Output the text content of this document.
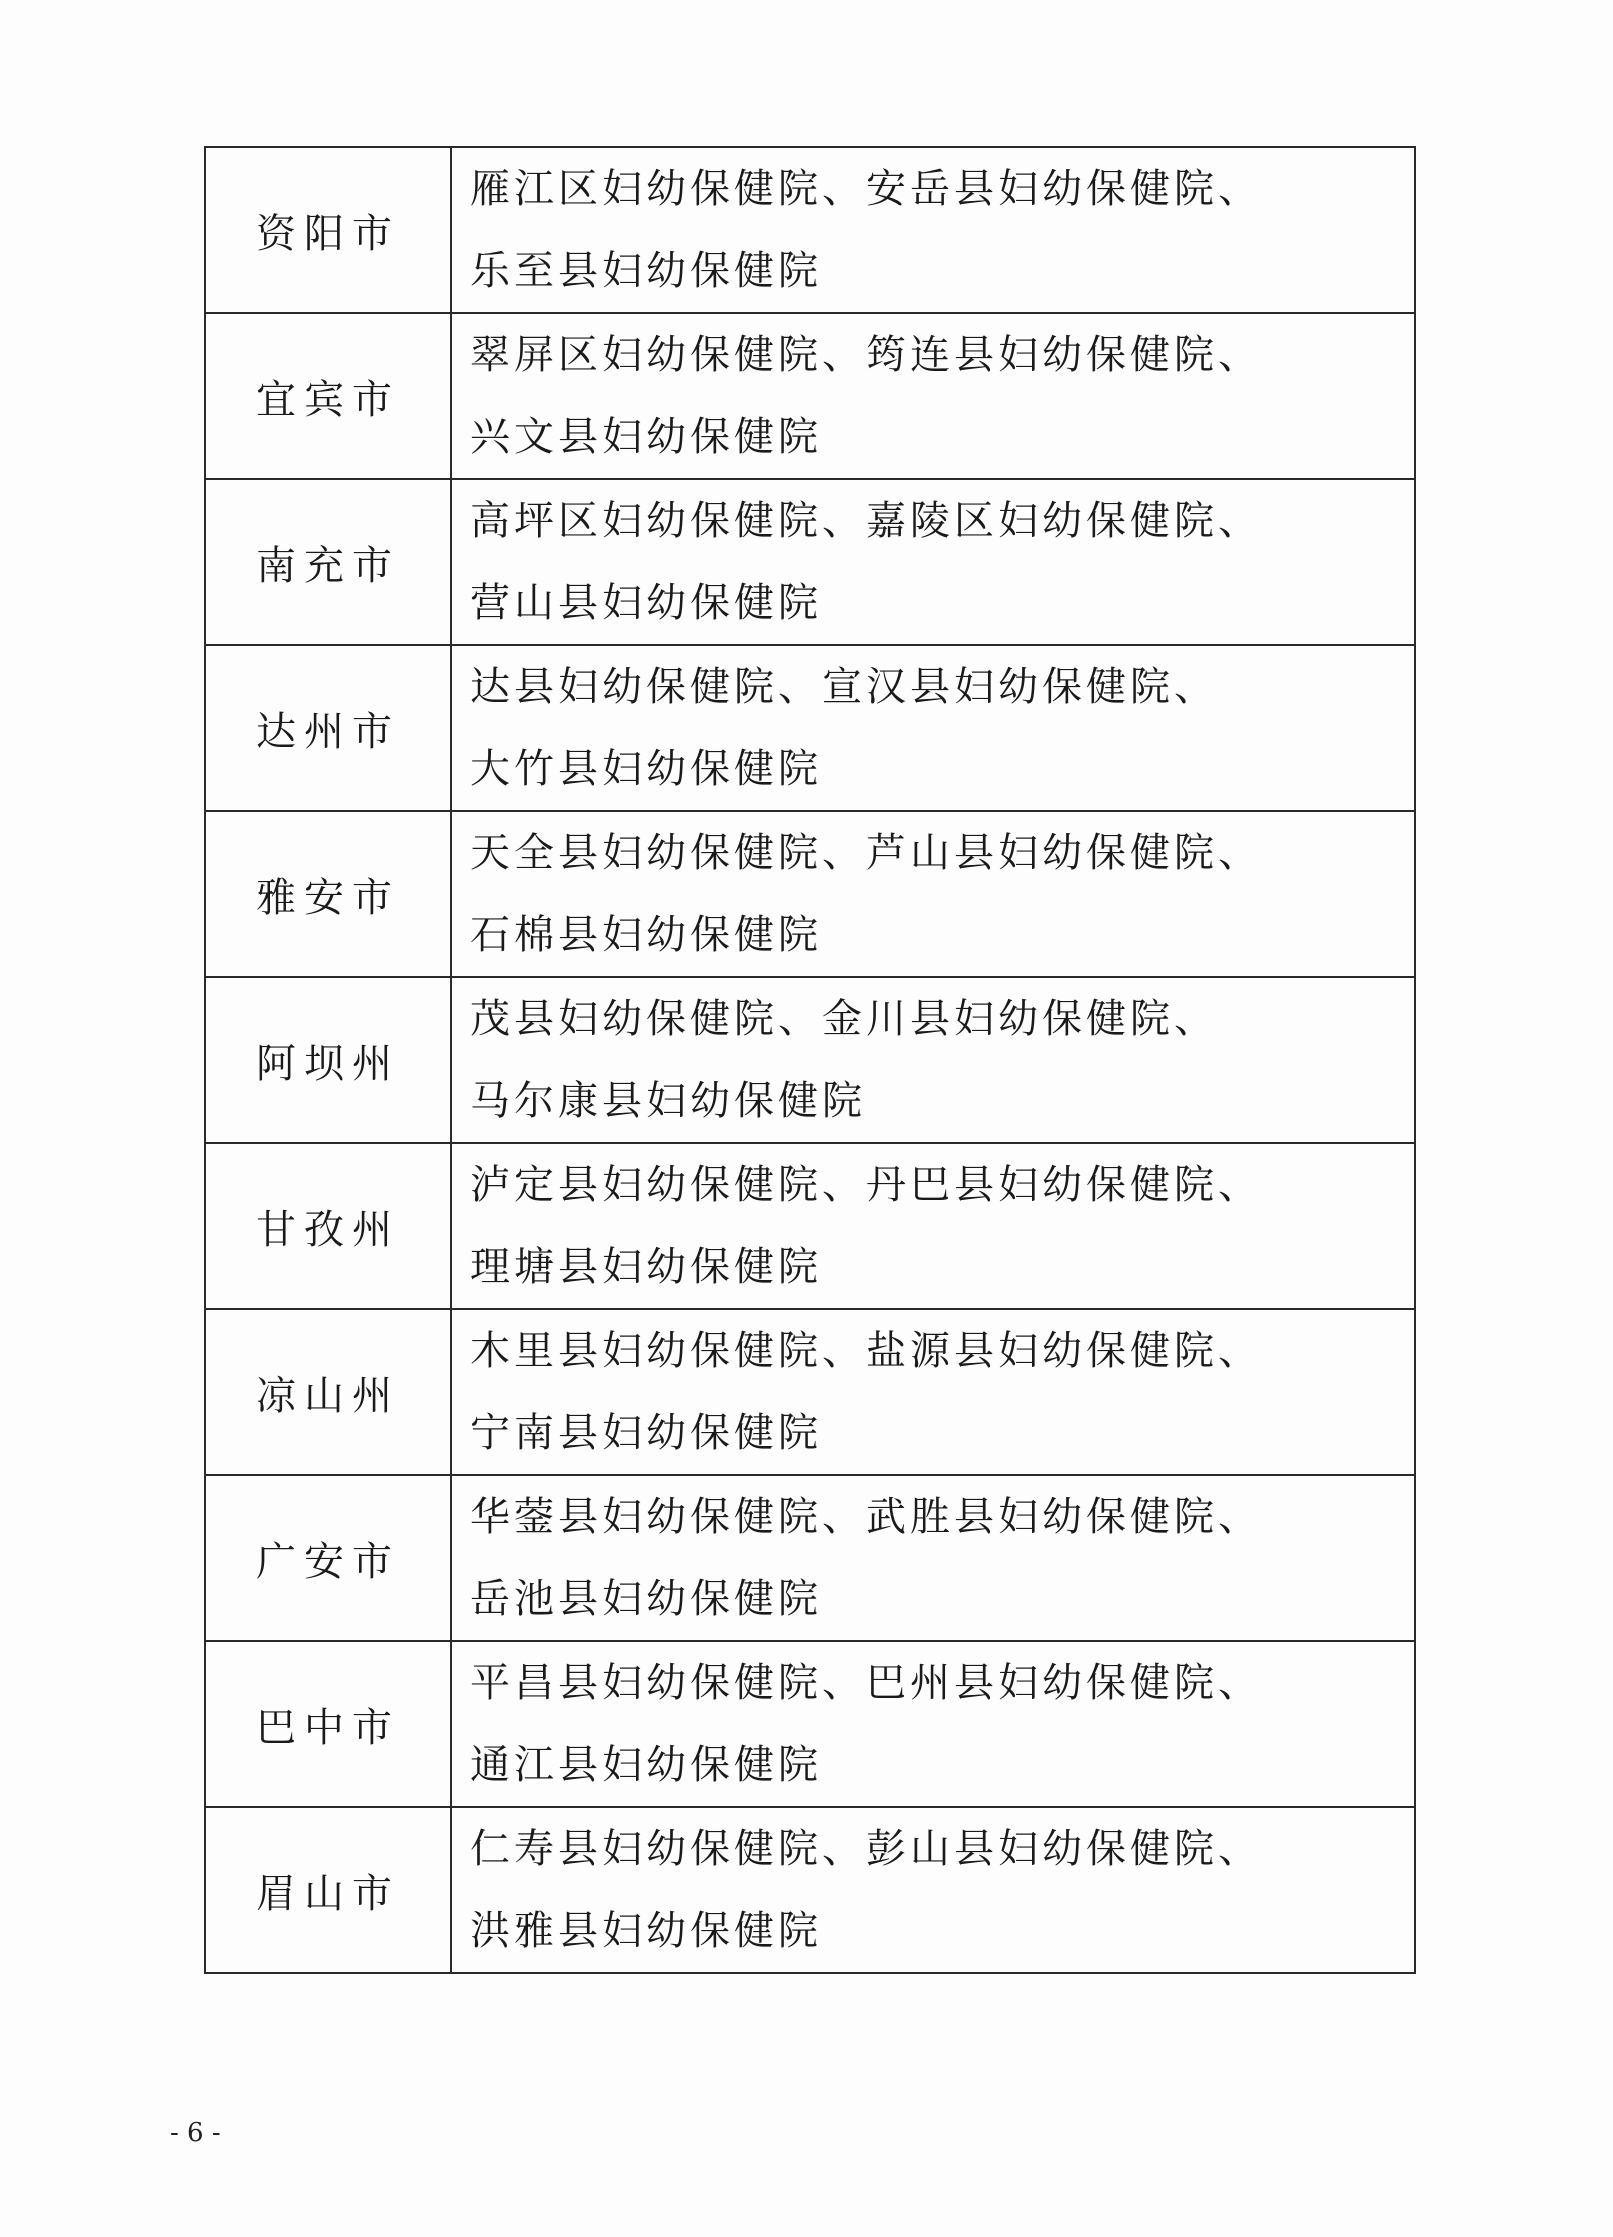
资阳市	雁江区妇幼保健院、安岳县妇幼保健院、
乐至县妇幼保健院

宜宾市	翠屏区妇幼保健院、筠连县妇幼保健院、
兴文县妇幼保健院

南充市	高坪区妇幼保健院、嘉陵区妇幼保健院、
营山县妇幼保健院

达州市	达县妇幼保健院、宣汉县妇幼保健院、
大竹县妇幼保健院

雅安市	天全县妇幼保健院、芦山县妇幼保健院、
石棉县妇幼保健院

阿坝州	茂县妇幼保健院、金川县妇幼保健院、
马尔康县妇幼保健院

甘孜州	泸定县妇幼保健院、丹巴县妇幼保健院、
理塘县妇幼保健院

凉山州	木里县妇幼保健院、盐源县妇幼保健院、
宁南县妇幼保健院

广安市	华蓥县妇幼保健院、武胜县妇幼保健院、
岳池县妇幼保健院

巴中市	平昌县妇幼保健院、巴州县妇幼保健院、
通江县妇幼保健院

眉山市	仁寿县妇幼保健院、彭山县妇幼保健院、
洪雅县妇幼保健院
- 6 -
